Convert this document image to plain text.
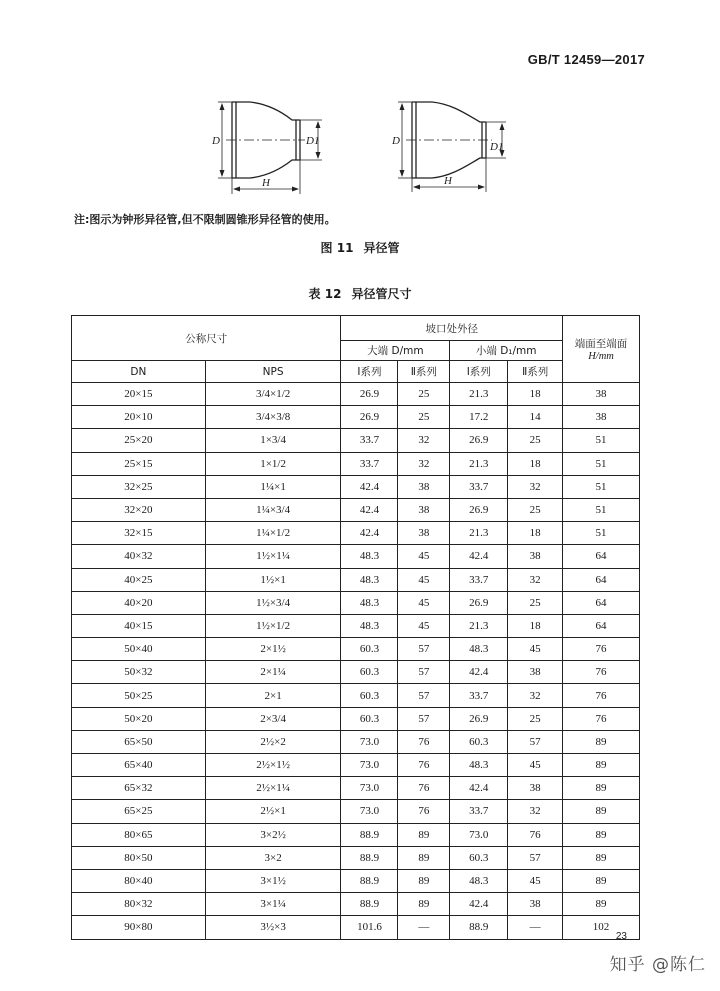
GB/T 12459—2017
D	D1
H
D	D1
H
注:图示为钟形异径管,但不限制圆锥形异径管的使用。
图 11 异径管
表 12 异径管尺寸
公称尺寸		坡口处外径				端面至端面
H/mm

		大端 D/mm		小端 D₁/mm		
DN	NPS	Ⅰ系列	Ⅱ系列	Ⅰ系列	Ⅱ系列	
20×15	3/4×1/2	26.9	25	21.3	18	38
20×10	3/4×3/8	26.9	25	17.2	14	38
25×20	1×3/4	33.7	32	26.9	25	51
25×15	1×1/2	33.7	32	21.3	18	51
32×25	1¼×1	42.4	38	33.7	32	51
32×20	1¼×3/4	42.4	38	26.9	25	51
32×15	1¼×1/2	42.4	38	21.3	18	51
40×32	1½×1¼	48.3	45	42.4	38	64
40×25	1½×1	48.3	45	33.7	32	64
40×20	1½×3/4	48.3	45	26.9	25	64
40×15	1½×1/2	48.3	45	21.3	18	64
50×40	2×1½	60.3	57	48.3	45	76
50×32	2×1¼	60.3	57	42.4	38	76
50×25	2×1	60.3	57	33.7	32	76
50×20	2×3/4	60.3	57	26.9	25	76
65×50	2½×2	73.0	76	60.3	57	89
65×40	2½×1½	73.0	76	48.3	45	89
65×32	2½×1¼	73.0	76	42.4	38	89
65×25	2½×1	73.0	76	33.7	32	89
80×65	3×2½	88.9	89	73.0	76	89
80×50	3×2	88.9	89	60.3	57	89
80×40	3×1½	88.9	89	48.3	45	89
80×32	3×1¼	88.9	89	42.4	38	89
90×80	3½×3	101.6	—	88.9	—	102
23
知乎 @陈仁
